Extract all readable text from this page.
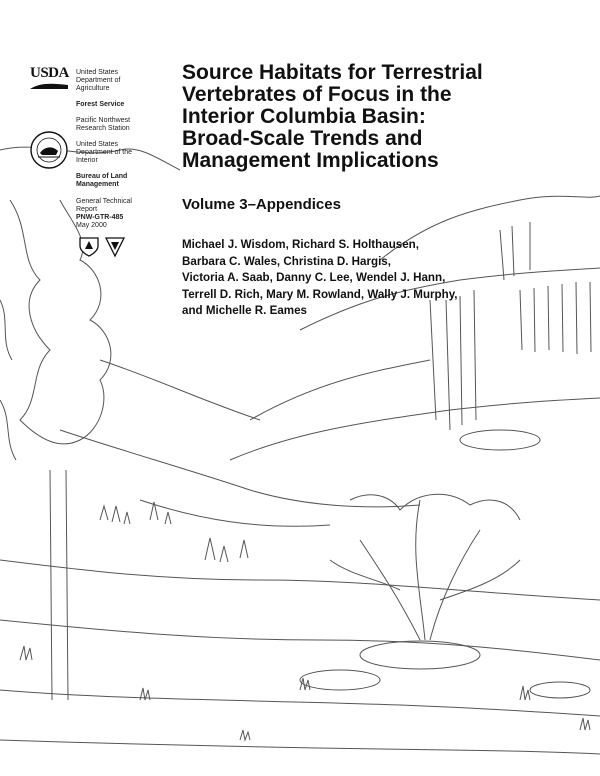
USDA United States
Department of
Agriculture
Forest Service
Pacific Northwest
Research Station
United States
Department of the
Interior
Bureau of Land
Management
General Technical
Report
PNW-GTR-485
May 2000
Source Habitats for Terrestrial
Vertebrates of Focus in the
Interior Columbia Basin:
Broad-Scale Trends and
Management Implications
Volume 3–Appendices
Michael J. Wisdom, Richard S. Holthausen,
Barbara C. Wales, Christina D. Hargis,
Victoria A. Saab, Danny C. Lee, Wendel J. Hann,
Terrell D. Rich, Mary M. Rowland, Wally J. Murphy,
and Michelle R. Eames
